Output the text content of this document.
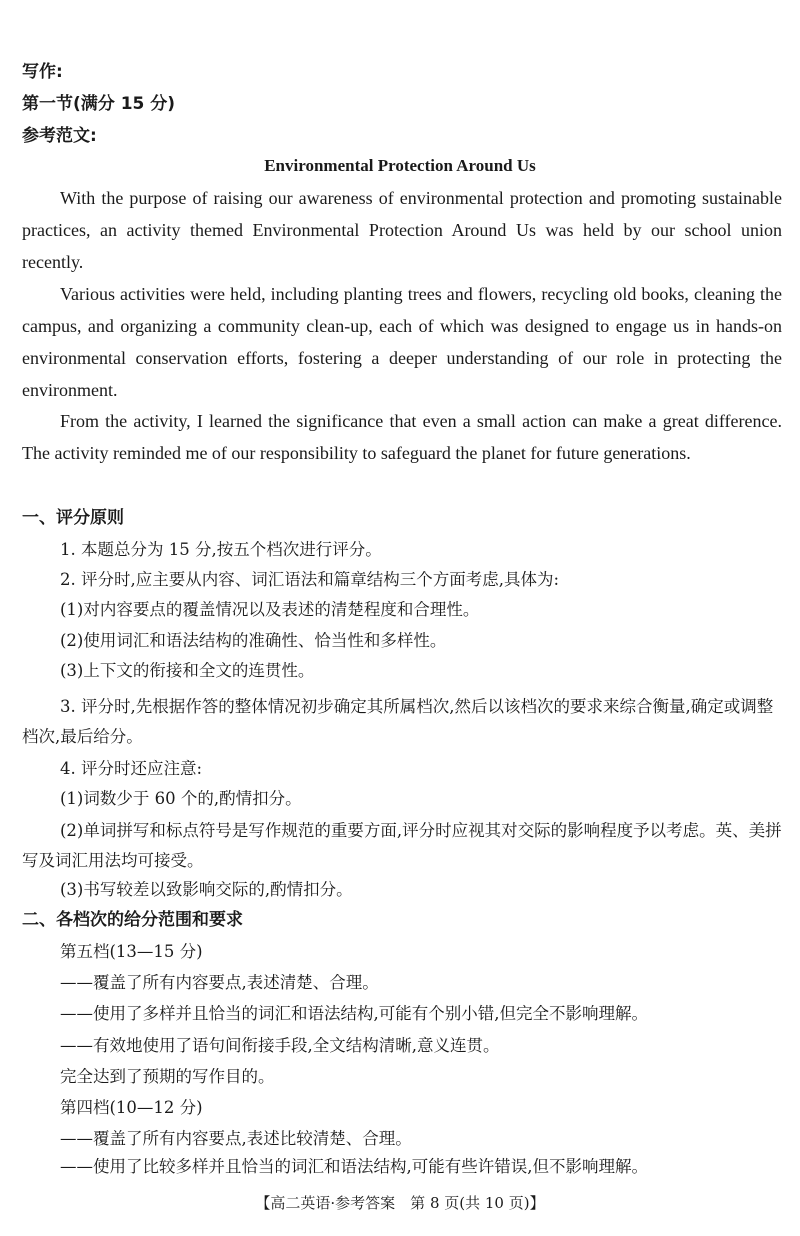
写作:
第一节(满分 15 分)
参考范文:
Environmental Protection Around Us

With the purpose of raising our awareness of environmental protection and promoting sustainable practices, an activity themed Environmental Protection Around Us was held by our school union recently.

Various activities were held, including planting trees and flowers, recycling old books, cleaning the campus, and organizing a community clean-up, each of which was designed to engage us in hands-on environmental conservation efforts, fostering a deeper understanding of our role in protecting the environment.

From the activity, I learned the significance that even a small action can make a great difference. The activity reminded me of our responsibility to safeguard the planet for future generations.

一、评分原则

1. 本题总分为 15 分,按五个档次进行评分。

2. 评分时,应主要从内容、词汇语法和篇章结构三个方面考虑,具体为:

(1)对内容要点的覆盖情况以及表述的清楚程度和合理性。

(2)使用词汇和语法结构的准确性、恰当性和多样性。

(3)上下文的衔接和全文的连贯性。

3. 评分时,先根据作答的整体情况初步确定其所属档次,然后以该档次的要求来综合衡量,确定或调整档次,最后给分。

4. 评分时还应注意:

(1)词数少于 60 个的,酌情扣分。

(2)单词拼写和标点符号是写作规范的重要方面,评分时应视其对交际的影响程度予以考虑。英、美拼写及词汇用法均可接受。

(3)书写较差以致影响交际的,酌情扣分。

二、各档次的给分范围和要求

第五档(13—15 分)

——覆盖了所有内容要点,表述清楚、合理。

——使用了多样并且恰当的词汇和语法结构,可能有个别小错,但完全不影响理解。

——有效地使用了语句间衔接手段,全文结构清晰,意义连贯。

完全达到了预期的写作目的。

第四档(10—12 分)

——覆盖了所有内容要点,表述比较清楚、合理。

——使用了比较多样并且恰当的词汇和语法结构,可能有些许错误,但不影响理解。

【高二英语·参考答案　第 8 页(共 10 页)】
